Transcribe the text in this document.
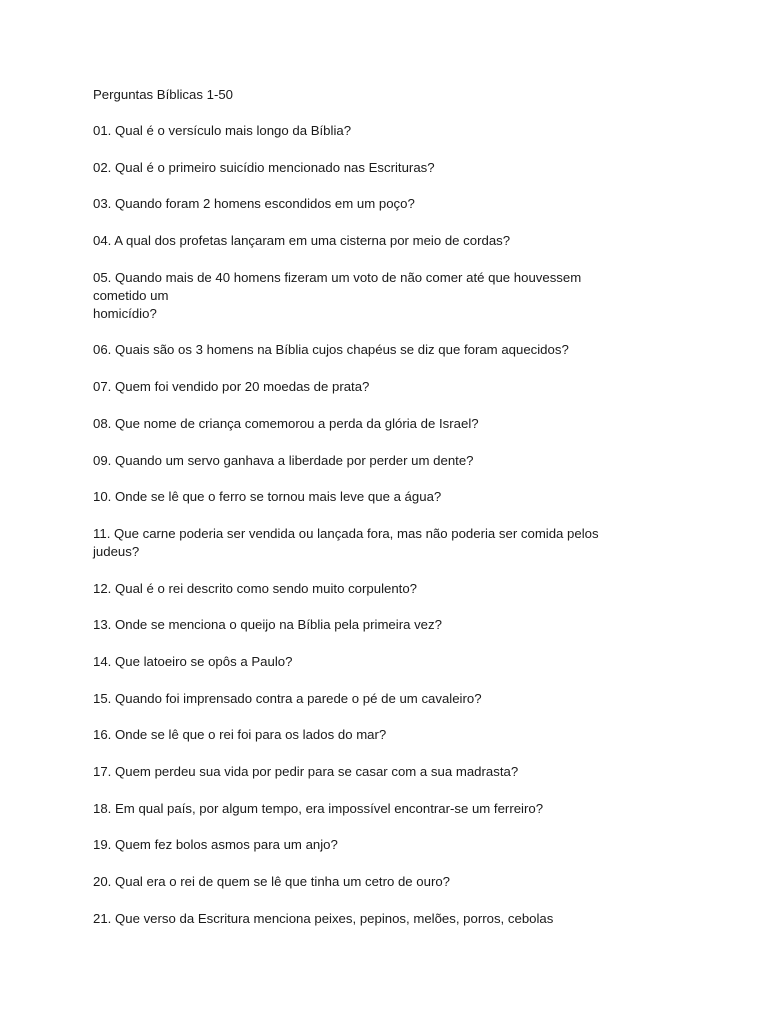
Perguntas Bíblicas 1-50

01. Qual é o versículo mais longo da Bíblia?

02. Qual é o primeiro suicídio mencionado nas Escrituras?

03. Quando foram 2 homens escondidos em um poço?

04. A qual dos profetas lançaram em uma cisterna por meio de cordas?

05. Quando mais de 40 homens fizeram um voto de não comer até que houvessem
cometido um
homicídio?

06. Quais são os 3 homens na Bíblia cujos chapéus se diz que foram aquecidos?

07. Quem foi vendido por 20 moedas de prata?

08. Que nome de criança comemorou a perda da glória de Israel?

09. Quando um servo ganhava a liberdade por perder um dente?

10. Onde se lê que o ferro se tornou mais leve que a água?

11. Que carne poderia ser vendida ou lançada fora, mas não poderia ser comida pelos
judeus?

12. Qual é o rei descrito como sendo muito corpulento?

13. Onde se menciona o queijo na Bíblia pela primeira vez?

14. Que latoeiro se opôs a Paulo?

15. Quando foi imprensado contra a parede o pé de um cavaleiro?

16. Onde se lê que o rei foi para os lados do mar?

17. Quem perdeu sua vida por pedir para se casar com a sua madrasta?

18. Em qual país, por algum tempo, era impossível encontrar-se um ferreiro?

19. Quem fez bolos asmos para um anjo?

20. Qual era o rei de quem se lê que tinha um cetro de ouro?

21. Que verso da Escritura menciona peixes, pepinos, melões, porros, cebolas
